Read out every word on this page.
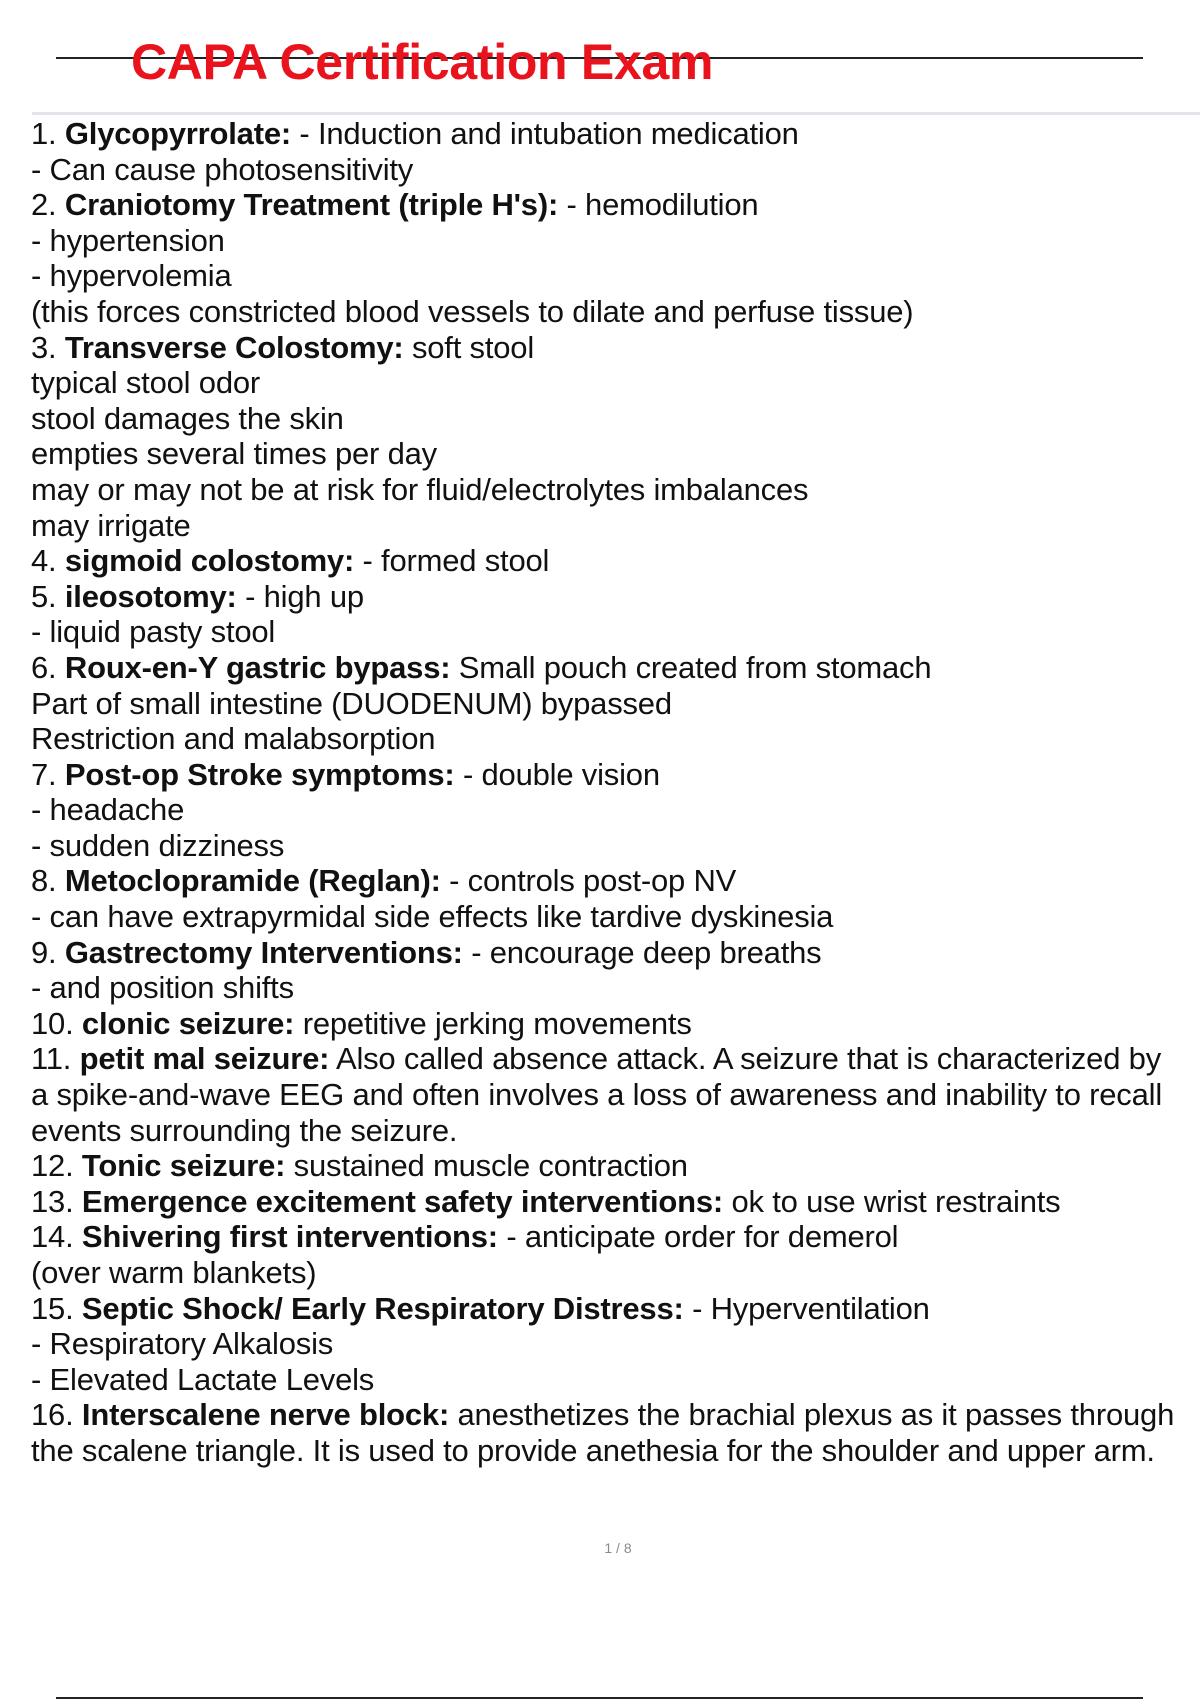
CAPA Certification Exam
1. Glycopyrrolate: - Induction and intubation medication
- Can cause photosensitivity
2. Craniotomy Treatment (triple H's): - hemodilution
- hypertension
- hypervolemia
(this forces constricted blood vessels to dilate and perfuse tissue)
3. Transverse Colostomy: soft stool
typical stool odor
stool damages the skin
empties several times per day
may or may not be at risk for fluid/electrolytes imbalances
may irrigate
4. sigmoid colostomy: - formed stool
5. ileosotomy: - high up
- liquid pasty stool
6. Roux-en-Y gastric bypass: Small pouch created from stomach
Part of small intestine (DUODENUM) bypassed
Restriction and malabsorption
7. Post-op Stroke symptoms: - double vision
- headache
- sudden dizziness
8. Metoclopramide (Reglan): - controls post-op NV
- can have extrapyrmidal side effects like tardive dyskinesia
9. Gastrectomy Interventions: - encourage deep breaths
- and position shifts
10. clonic seizure: repetitive jerking movements
11. petit mal seizure: Also called absence attack. A seizure that is characterized by
a spike-and-wave EEG and often involves a loss of awareness and inability to recall
events surrounding the seizure.
12. Tonic seizure: sustained muscle contraction
13. Emergence excitement safety interventions: ok to use wrist restraints
14. Shivering first interventions: - anticipate order for demerol
(over warm blankets)
15. Septic Shock/ Early Respiratory Distress: - Hyperventilation
- Respiratory Alkalosis
- Elevated Lactate Levels
16. Interscalene nerve block: anesthetizes the brachial plexus as it passes through
the scalene triangle. It is used to provide anethesia for the shoulder and upper arm.
1 / 8
